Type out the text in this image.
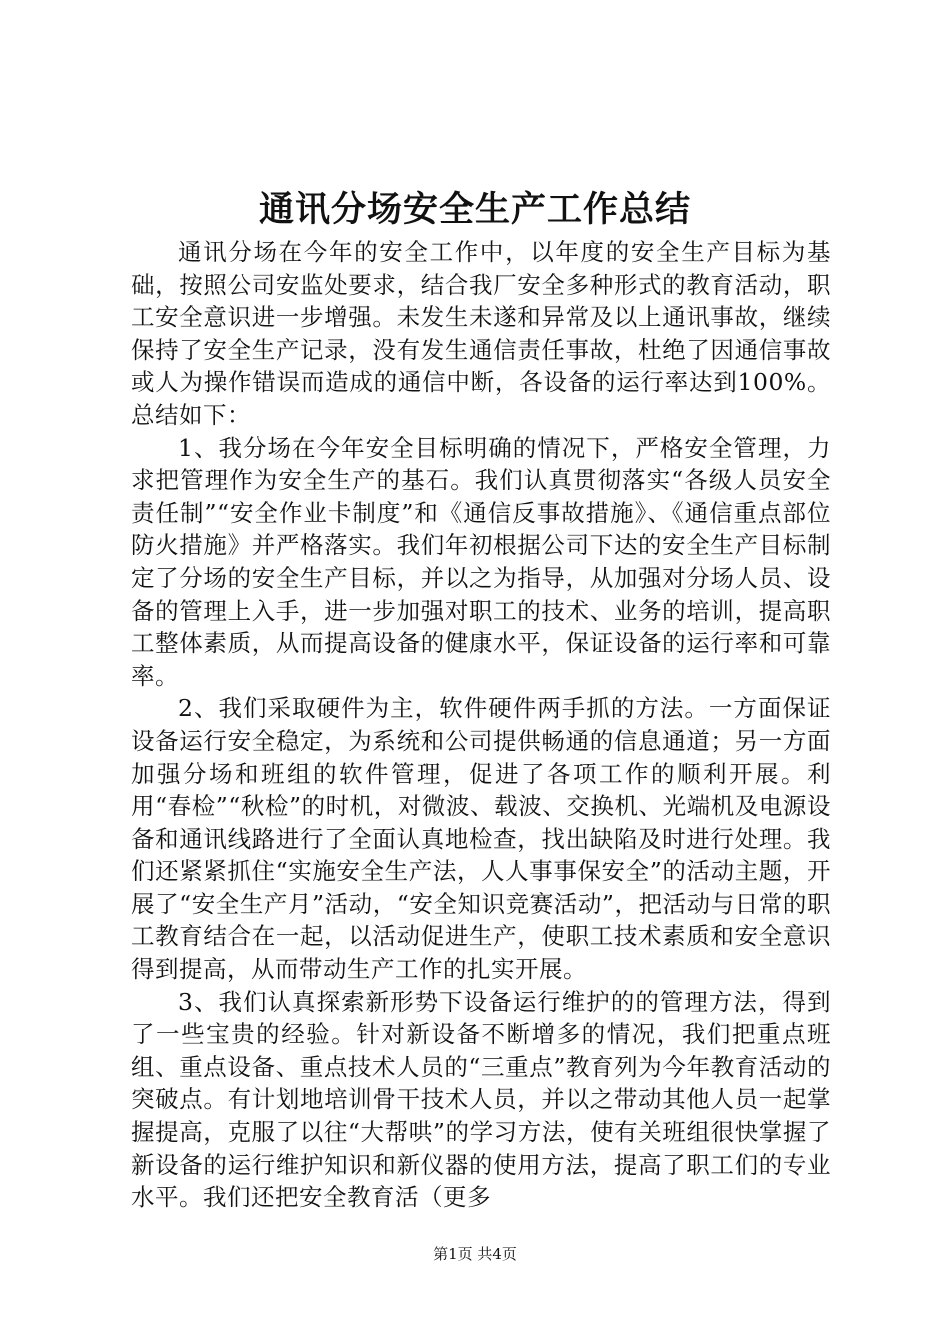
通讯分场安全生产工作总结

通讯分场在今年的安全工作中，以年度的安全生产目标为基础，按照公司安监处要求，结合我厂安全多种形式的教育活动，职工安全意识进一步增强。未发生未遂和异常及以上通讯事故，继续保持了安全生产记录，没有发生通信责任事故，杜绝了因通信事故或人为操作错误而造成的通信中断，各设备的运行率达到100%。总结如下：

1、我分场在今年安全目标明确的情况下，严格安全管理，力求把管理作为安全生产的基石。我们认真贯彻落实“各级人员安全责任制”“安全作业卡制度”和《通信反事故措施》、《通信重点部位防火措施》并严格落实。我们年初根据公司下达的安全生产目标制定了分场的安全生产目标，并以之为指导，从加强对分场人员、设备的管理上入手，进一步加强对职工的技术、业务的培训，提高职工整体素质，从而提高设备的健康水平，保证设备的运行率和可靠率。

2、我们采取硬件为主，软件硬件两手抓的方法。一方面保证设备运行安全稳定，为系统和公司提供畅通的信息通道；另一方面加强分场和班组的软件管理，促进了各项工作的顺利开展。利用“春检”“秋检”的时机，对微波、载波、交换机、光端机及电源设备和通讯线路进行了全面认真地检查，找出缺陷及时进行处理。我们还紧紧抓住“实施安全生产法，人人事事保安全”的活动主题，开展了“安全生产月”活动，“安全知识竞赛活动”，把活动与日常的职工教育结合在一起，以活动促进生产，使职工技术素质和安全意识得到提高，从而带动生产工作的扎实开展。

3、我们认真探索新形势下设备运行维护的的管理方法，得到了一些宝贵的经验。针对新设备不断增多的情况，我们把重点班组、重点设备、重点技术人员的“三重点”教育列为今年教育活动的突破点。有计划地培训骨干技术人员，并以之带动其他人员一起掌握提高，克服了以往“大帮哄”的学习方法，使有关班组很快掌握了新设备的运行维护知识和新仪器的使用方法，提高了职工们的专业水平。我们还把安全教育活（更多

第1页 共4页
